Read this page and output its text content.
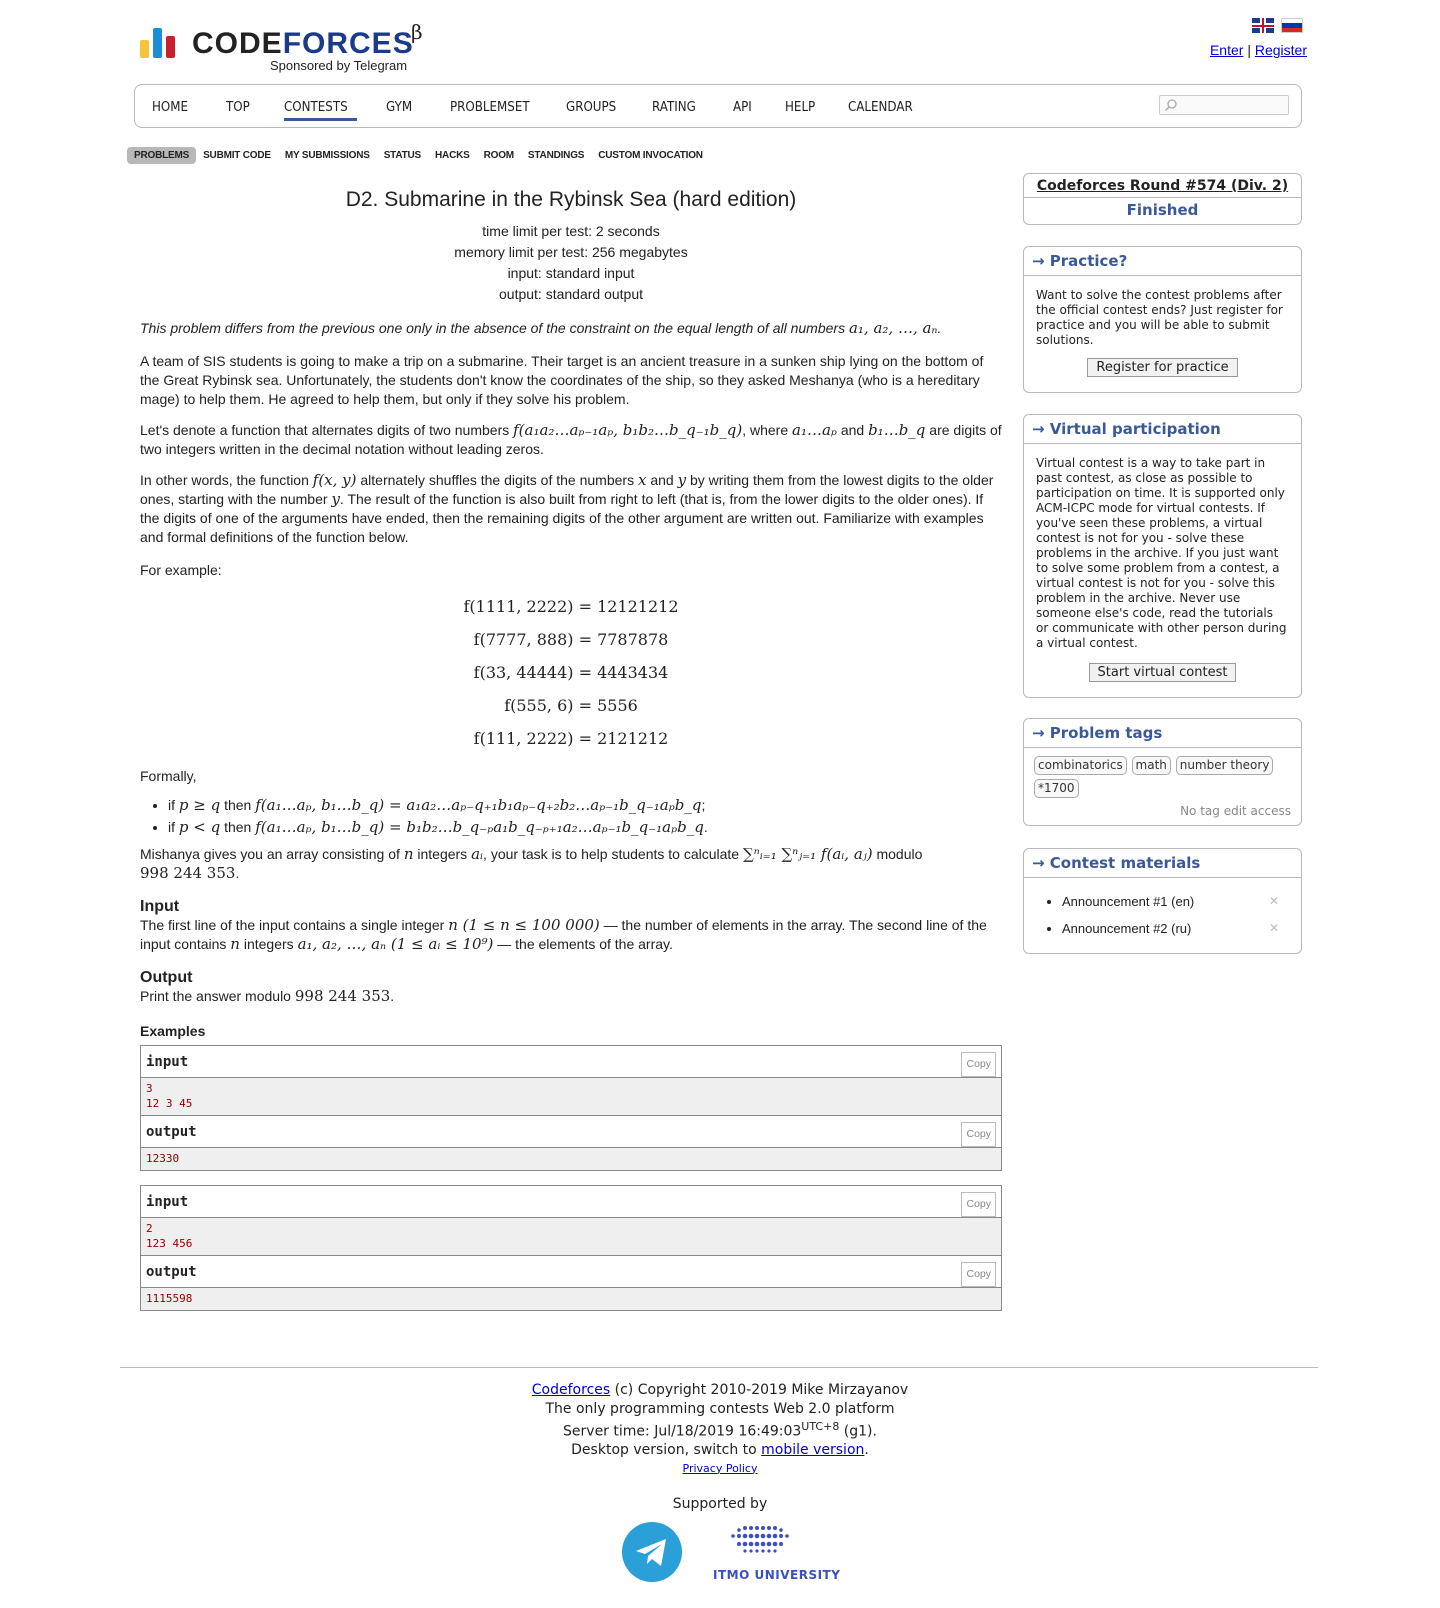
CODEFORCES
β
Sponsored by Telegram
Enter | Register
HOME	TOP	CONTESTS	GYM	PROBLEMSET	GROUPS	RATING	API	HELP	CALENDAR
PROBLEMS	SUBMIT CODE	MY SUBMISSIONS	STATUS	HACKS	ROOM	STANDINGS	CUSTOM INVOCATION
D2. Submarine in the Rybinsk Sea (hard edition)
time limit per test: 2 seconds
memory limit per test: 256 megabytes
input: standard input
output: standard output
This problem differs from the previous one only in the absence of the constraint on the equal length of all numbers a₁, a₂, …, aₙ.
A team of SIS students is going to make a trip on a submarine. Their target is an ancient treasure in a sunken ship lying on the bottom of the Great Rybinsk sea. Unfortunately, the students don't know the coordinates of the ship, so they asked Meshanya (who is a hereditary mage) to help them. He agreed to help them, but only if they solve his problem.
Let's denote a function that alternates digits of two numbers f(a₁a₂…aₚ₋₁aₚ, b₁b₂…b_q₋₁b_q), where a₁…aₚ and b₁…b_q are digits of two integers written in the decimal notation without leading zeros.
In other words, the function f(x, y) alternately shuffles the digits of the numbers x and y by writing them from the lowest digits to the older ones, starting with the number y. The result of the function is also built from right to left (that is, from the lower digits to the older ones). If the digits of one of the arguments have ended, then the remaining digits of the other argument are written out. Familiarize with examples and formal definitions of the function below.
For example:
f(1111, 2222) = 12121212
f(7777, 888) = 7787878
f(33, 44444) = 4443434
f(555, 6) = 5556
f(111, 2222) = 2121212
Formally,
• if p ≥ q then f(a₁…aₚ, b₁…b_q) = a₁a₂…aₚ₋q₊₁b₁aₚ₋q₊₂b₂…aₚ₋₁b_q₋₁aₚb_q;
• if p < q then f(a₁…aₚ, b₁…b_q) = b₁b₂…b_q₋ₚa₁b_q₋ₚ₊₁a₂…aₚ₋₁b_q₋₁aₚb_q.
Mishanya gives you an array consisting of n integers aᵢ, your task is to help students to calculate ∑ⁿᵢ₌₁ ∑ⁿⱼ₌₁ f(aᵢ, aⱼ) modulo
998 244 353.
Input
The first line of the input contains a single integer n (1 ≤ n ≤ 100 000) — the number of elements in the array. The second line of the input contains n integers a₁, a₂, …, aₙ (1 ≤ aᵢ ≤ 10⁹) — the elements of the array.
Output
Print the answer modulo 998 244 353.
Examples
input	Copy
3
12 3 45
output	Copy
12330
input	Copy
2
123 456
output	Copy
1115598
Codeforces Round #574 (Div. 2)
Finished
→ Practice?
Want to solve the contest problems after the official contest ends? Just register for practice and you will be able to submit solutions.
Register for practice
→ Virtual participation
Virtual contest is a way to take part in past contest, as close as possible to participation on time. It is supported only ACM-ICPC mode for virtual contests. If you've seen these problems, a virtual contest is not for you - solve these problems in the archive. If you just want to solve some problem from a contest, a virtual contest is not for you - solve this problem in the archive. Never use someone else's code, read the tutorials or communicate with other person during a virtual contest.
Start virtual contest
→ Problem tags
combinatorics math number theory *1700
No tag edit access
→ Contest materials
• Announcement #1 (en)	✕
• Announcement #2 (ru)	✕
Codeforces (c) Copyright 2010-2019 Mike Mirzayanov
The only programming contests Web 2.0 platform
Server time: Jul/18/2019 $16:49:03^{UTC+8}$ (g1).
Desktop version, switch to mobile version.
Privacy Policy
Supported by
ITMO UNIVERSITY
